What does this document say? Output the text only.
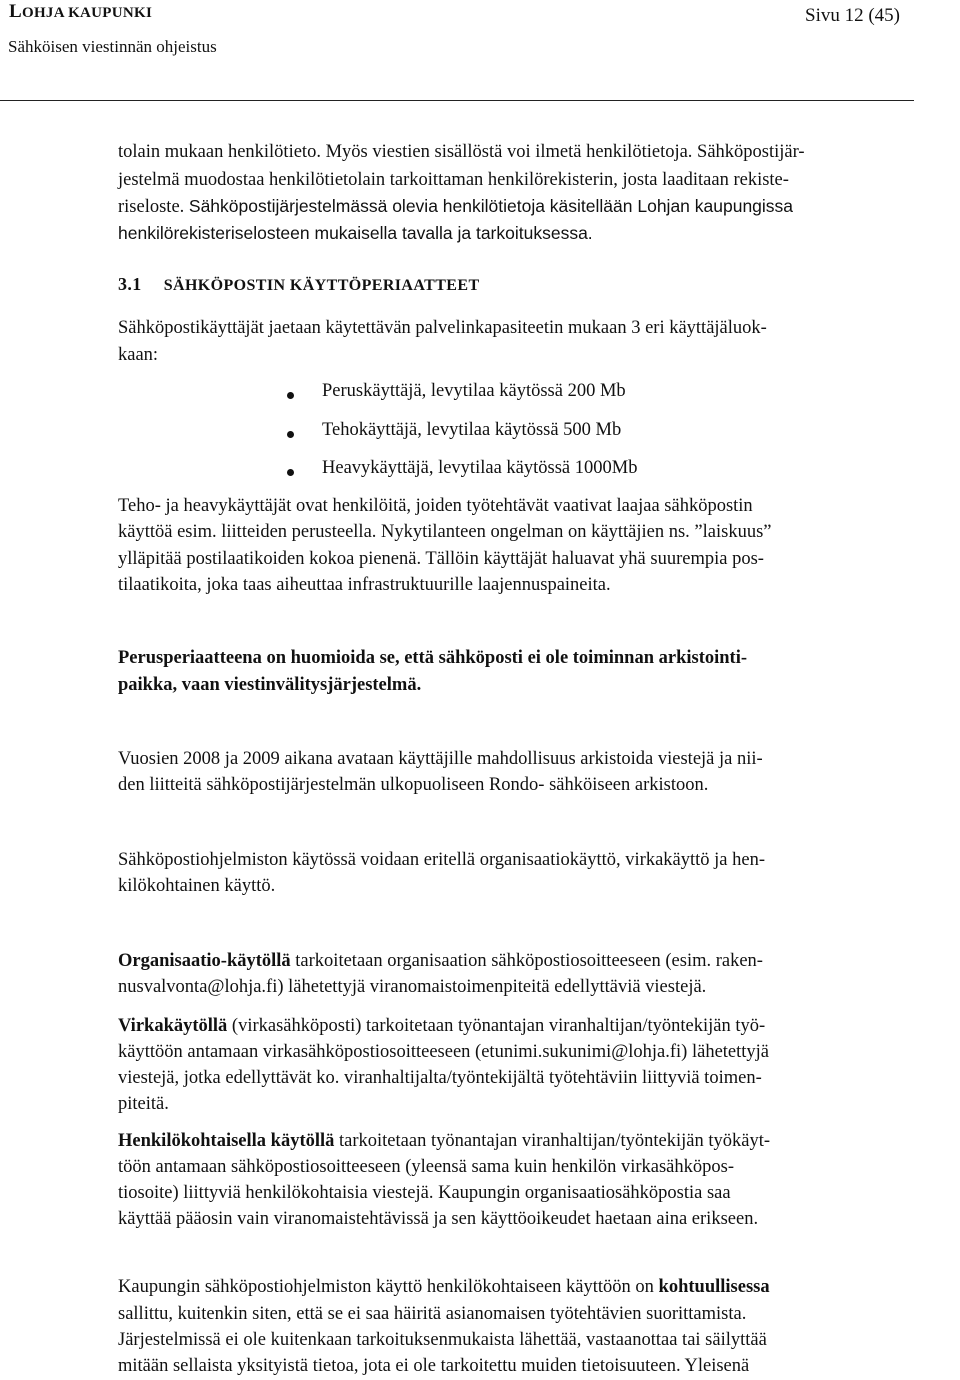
LOHJA KAUPUNKI
Sähköisen viestinnän ohjeistus
Sivu 12 (45)
tolain mukaan henkilötieto. Myös viestien sisällöstä voi ilmetä henkilötietoja. Sähköpostijär-
jestelmä muodostaa henkilötietolain tarkoittaman henkilörekisterin, josta laaditaan rekiste-
riseloste. Sähköpostijärjestelmässä olevia henkilötietoja käsitellään Lohjan kaupungissa
henkilörekisteriselosteen mukaisella tavalla ja tarkoituksessa.
3.1 SÄHKÖPOSTIN KÄYTTÖPERIAATTEET
Sähköpostikäyttäjät jaetaan käytettävän palvelinkapasiteetin mukaan 3 eri käyttäjäluok-
kaan:
Peruskäyttäjä, levytilaa käytössä 200 Mb
Tehokäyttäjä, levytilaa käytössä 500 Mb
Heavykäyttäjä, levytilaa käytössä 1000Mb
Teho- ja heavykäyttäjät ovat henkilöitä, joiden työtehtävät vaativat laajaa sähköpostin
käyttöä esim. liitteiden perusteella. Nykytilanteen ongelman on käyttäjien ns. ”laiskuus”
ylläpitää postilaatikoiden kokoa pienenä. Tällöin käyttäjät haluavat yhä suurempia pos-
tilaatikoita, joka taas aiheuttaa infrastruktuurille laajennuspaineita.
Perusperiaatteena on huomioida se, että sähköposti ei ole toiminnan arkistointi-
paikka, vaan viestinvälitysjärjestelmä.
Vuosien 2008 ja 2009 aikana avataan käyttäjille mahdollisuus arkistoida viestejä ja nii-
den liitteitä sähköpostijärjestelmän ulkopuoliseen Rondo- sähköiseen arkistoon.
Sähköpostiohjelmiston käytössä voidaan eritellä organisaatiokäyttö, virkakäyttö ja hen-
kilökohtainen käyttö.
Organisaatio-käytöllä tarkoitetaan organisaation sähköpostiosoitteeseen (esim. raken-
nusvalvonta@lohja.fi) lähetettyjä viranomaistoimenpiteitä edellyttäviä viestejä.
Virkakäytöllä (virkasähköposti) tarkoitetaan työnantajan viranhaltijan/työntekijän työ-
käyttöön antamaan virkasähköpostiosoitteeseen (etunimi.sukunimi@lohja.fi) lähetettyjä
viestejä, jotka edellyttävät ko. viranhaltijalta/työntekijältä työtehtäviin liittyviä toimen-
piteitä.
Henkilökohtaisella käytöllä tarkoitetaan työnantajan viranhaltijan/työntekijän työkäyt-
töön antamaan sähköpostiosoitteeseen (yleensä sama kuin henkilön virkasähköpos-
tiosoite) liittyviä henkilökohtaisia viestejä. Kaupungin organisaatiosähköpostia saa
käyttää pääosin vain viranomaistehtävissä ja sen käyttöoikeudet haetaan aina erikseen.
Kaupungin sähköpostiohjelmiston käyttö henkilökohtaiseen käyttöön on kohtuullisessa
sallittu, kuitenkin siten, että se ei saa häiritä asianomaisen työtehtävien suorittamista.
Järjestelmissä ei ole kuitenkaan tarkoituksenmukaista lähettää, vastaanottaa tai säilyttää
mitään sellaista yksityistä tietoa, jota ei ole tarkoitettu muiden tietoisuuteen. Yleisenä
